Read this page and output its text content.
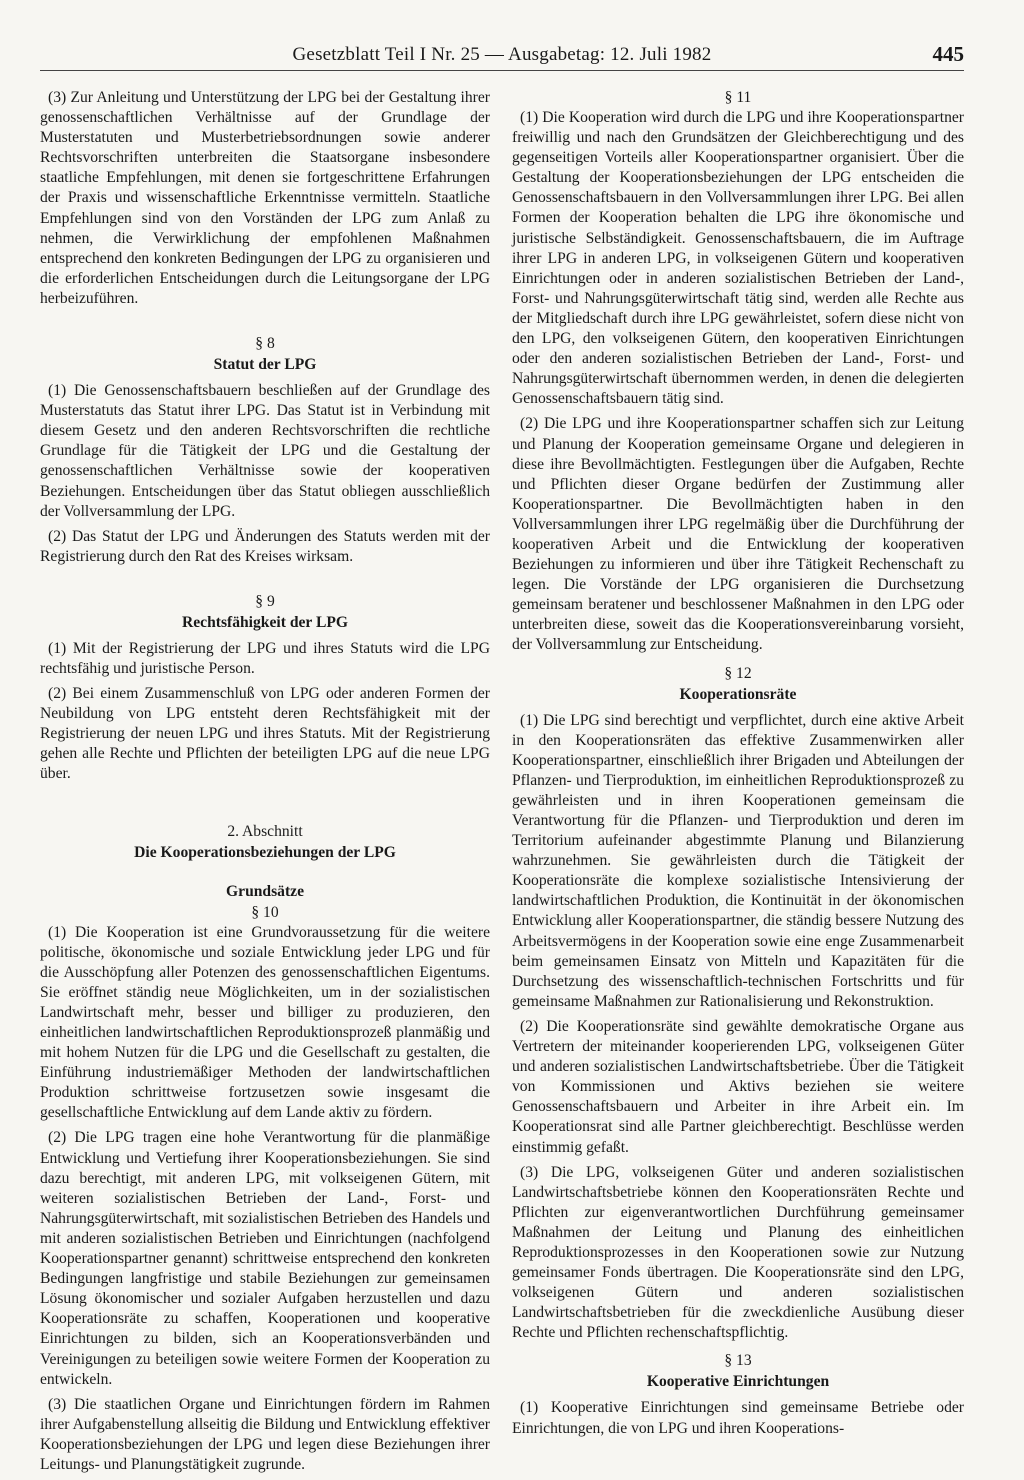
Gesetzblatt Teil I Nr. 25 — Ausgabetag: 12. Juli 1982	445

(3) Zur Anleitung und Unterstützung der LPG bei der Gestaltung ihrer genossenschaftlichen Verhältnisse auf der Grundlage der Musterstatuten und Musterbetriebsordnungen sowie anderer Rechtsvorschriften unterbreiten die Staatsorgane insbesondere staatliche Empfehlungen, mit denen sie fortgeschrittene Erfahrungen der Praxis und wissenschaftliche Erkenntnisse vermitteln. Staatliche Empfehlungen sind von den Vorständen der LPG zum Anlaß zu nehmen, die Verwirklichung der empfohlenen Maßnahmen entsprechend den konkreten Bedingungen der LPG zu organisieren und die erforderlichen Entscheidungen durch die Leitungsorgane der LPG herbeizuführen.

§ 8
Statut der LPG

(1) Die Genossenschaftsbauern beschließen auf der Grundlage des Musterstatuts das Statut ihrer LPG. Das Statut ist in Verbindung mit diesem Gesetz und den anderen Rechtsvorschriften die rechtliche Grundlage für die Tätigkeit der LPG und die Gestaltung der genossenschaftlichen Verhältnisse sowie der kooperativen Beziehungen. Entscheidungen über das Statut obliegen ausschließlich der Vollversammlung der LPG.

(2) Das Statut der LPG und Änderungen des Statuts werden mit der Registrierung durch den Rat des Kreises wirksam.

§ 9
Rechtsfähigkeit der LPG

(1) Mit der Registrierung der LPG und ihres Statuts wird die LPG rechtsfähig und juristische Person.

(2) Bei einem Zusammenschluß von LPG oder anderen Formen der Neubildung von LPG entsteht deren Rechtsfähigkeit mit der Registrierung der neuen LPG und ihres Statuts. Mit der Registrierung gehen alle Rechte und Pflichten der beteiligten LPG auf die neue LPG über.

2. Abschnitt
Die Kooperationsbeziehungen der LPG
Grundsätze
§ 10

(1) Die Kooperation ist eine Grundvoraussetzung für die weitere politische, ökonomische und soziale Entwicklung jeder LPG und für die Ausschöpfung aller Potenzen des genossenschaftlichen Eigentums. Sie eröffnet ständig neue Möglichkeiten, um in der sozialistischen Landwirtschaft mehr, besser und billiger zu produzieren, den einheitlichen landwirtschaftlichen Reproduktionsprozeß planmäßig und mit hohem Nutzen für die LPG und die Gesellschaft zu gestalten, die Einführung industriemäßiger Methoden der landwirtschaftlichen Produktion schrittweise fortzusetzen sowie insgesamt die gesellschaftliche Entwicklung auf dem Lande aktiv zu fördern.

(2) Die LPG tragen eine hohe Verantwortung für die planmäßige Entwicklung und Vertiefung ihrer Kooperationsbeziehungen. Sie sind dazu berechtigt, mit anderen LPG, mit volkseigenen Gütern, mit weiteren sozialistischen Betrieben der Land-, Forst- und Nahrungsgüterwirtschaft, mit sozialistischen Betrieben des Handels und mit anderen sozialistischen Betrieben und Einrichtungen (nachfolgend Kooperationspartner genannt) schrittweise entsprechend den konkreten Bedingungen langfristige und stabile Beziehungen zur gemeinsamen Lösung ökonomischer und sozialer Aufgaben herzustellen und dazu Kooperationsräte zu schaffen, Kooperationen und kooperative Einrichtungen zu bilden, sich an Kooperationsverbänden und Vereinigungen zu beteiligen sowie weitere Formen der Kooperation zu entwickeln.

(3) Die staatlichen Organe und Einrichtungen fördern im Rahmen ihrer Aufgabenstellung allseitig die Bildung und Entwicklung effektiver Kooperationsbeziehungen der LPG und legen diese Beziehungen ihrer Leitungs- und Planungstätigkeit zugrunde.

§ 11

(1) Die Kooperation wird durch die LPG und ihre Kooperationspartner freiwillig und nach den Grundsätzen der Gleichberechtigung und des gegenseitigen Vorteils aller Kooperationspartner organisiert. Über die Gestaltung der Kooperationsbeziehungen der LPG entscheiden die Genossenschaftsbauern in den Vollversammlungen ihrer LPG. Bei allen Formen der Kooperation behalten die LPG ihre ökonomische und juristische Selbständigkeit. Genossenschaftsbauern, die im Auftrage ihrer LPG in anderen LPG, in volkseigenen Gütern und kooperativen Einrichtungen oder in anderen sozialistischen Betrieben der Land-, Forst- und Nahrungsgüterwirtschaft tätig sind, werden alle Rechte aus der Mitgliedschaft durch ihre LPG gewährleistet, sofern diese nicht von den LPG, den volkseigenen Gütern, den kooperativen Einrichtungen oder den anderen sozialistischen Betrieben der Land-, Forst- und Nahrungsgüterwirtschaft übernommen werden, in denen die delegierten Genossenschaftsbauern tätig sind.

(2) Die LPG und ihre Kooperationspartner schaffen sich zur Leitung und Planung der Kooperation gemeinsame Organe und delegieren in diese ihre Bevollmächtigten. Festlegungen über die Aufgaben, Rechte und Pflichten dieser Organe bedürfen der Zustimmung aller Kooperationspartner. Die Bevollmächtigten haben in den Vollversammlungen ihrer LPG regelmäßig über die Durchführung der kooperativen Arbeit und die Entwicklung der kooperativen Beziehungen zu informieren und über ihre Tätigkeit Rechenschaft zu legen. Die Vorstände der LPG organisieren die Durchsetzung gemeinsam beratener und beschlossener Maßnahmen in den LPG oder unterbreiten diese, soweit das die Kooperationsvereinbarung vorsieht, der Vollversammlung zur Entscheidung.

§ 12
Kooperationsräte

(1) Die LPG sind berechtigt und verpflichtet, durch eine aktive Arbeit in den Kooperationsräten das effektive Zusammenwirken aller Kooperationspartner, einschließlich ihrer Brigaden und Abteilungen der Pflanzen- und Tierproduktion, im einheitlichen Reproduktionsprozeß zu gewährleisten und in ihren Kooperationen gemeinsam die Verantwortung für die Pflanzen- und Tierproduktion und deren im Territorium aufeinander abgestimmte Planung und Bilanzierung wahrzunehmen. Sie gewährleisten durch die Tätigkeit der Kooperationsräte die komplexe sozialistische Intensivierung der landwirtschaftlichen Produktion, die Kontinuität in der ökonomischen Entwicklung aller Kooperationspartner, die ständig bessere Nutzung des Arbeitsvermögens in der Kooperation sowie eine enge Zusammenarbeit beim gemeinsamen Einsatz von Mitteln und Kapazitäten für die Durchsetzung des wissenschaftlich-technischen Fortschritts und für gemeinsame Maßnahmen zur Rationalisierung und Rekonstruktion.

(2) Die Kooperationsräte sind gewählte demokratische Organe aus Vertretern der miteinander kooperierenden LPG, volkseigenen Güter und anderen sozialistischen Landwirtschaftsbetriebe. Über die Tätigkeit von Kommissionen und Aktivs beziehen sie weitere Genossenschaftsbauern und Arbeiter in ihre Arbeit ein. Im Kooperationsrat sind alle Partner gleichberechtigt. Beschlüsse werden einstimmig gefaßt.

(3) Die LPG, volkseigenen Güter und anderen sozialistischen Landwirtschaftsbetriebe können den Kooperationsräten Rechte und Pflichten zur eigenverantwortlichen Durchführung gemeinsamer Maßnahmen der Leitung und Planung des einheitlichen Reproduktionsprozesses in den Kooperationen sowie zur Nutzung gemeinsamer Fonds übertragen. Die Kooperationsräte sind den LPG, volkseigenen Gütern und anderen sozialistischen Landwirtschaftsbetrieben für die zweckdienliche Ausübung dieser Rechte und Pflichten rechenschaftspflichtig.

§ 13
Kooperative Einrichtungen

(1) Kooperative Einrichtungen sind gemeinsame Betriebe oder Einrichtungen, die von LPG und ihren Kooperations-
